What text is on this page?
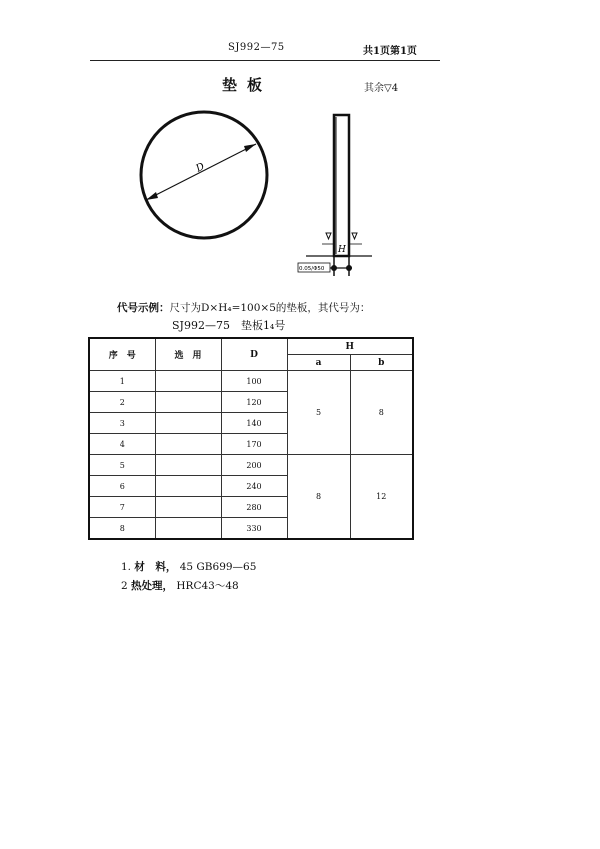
SJ992—75	共1页第1页
垫板	其余▽4
D
H
0.05/Φ50
代号示例：尺寸为D×H₄=100×5的垫板，其代号为：
SJ992—75　垫板1₄号
序　号	选　用	D	H	
			a	b
1		100	5	8
2		120		
3		140		
4		170		
5		200	8	12
6		240		
7		280		
8		330		
1. 材　料， 45 GB699—65
2 热处理， HRC43～48
